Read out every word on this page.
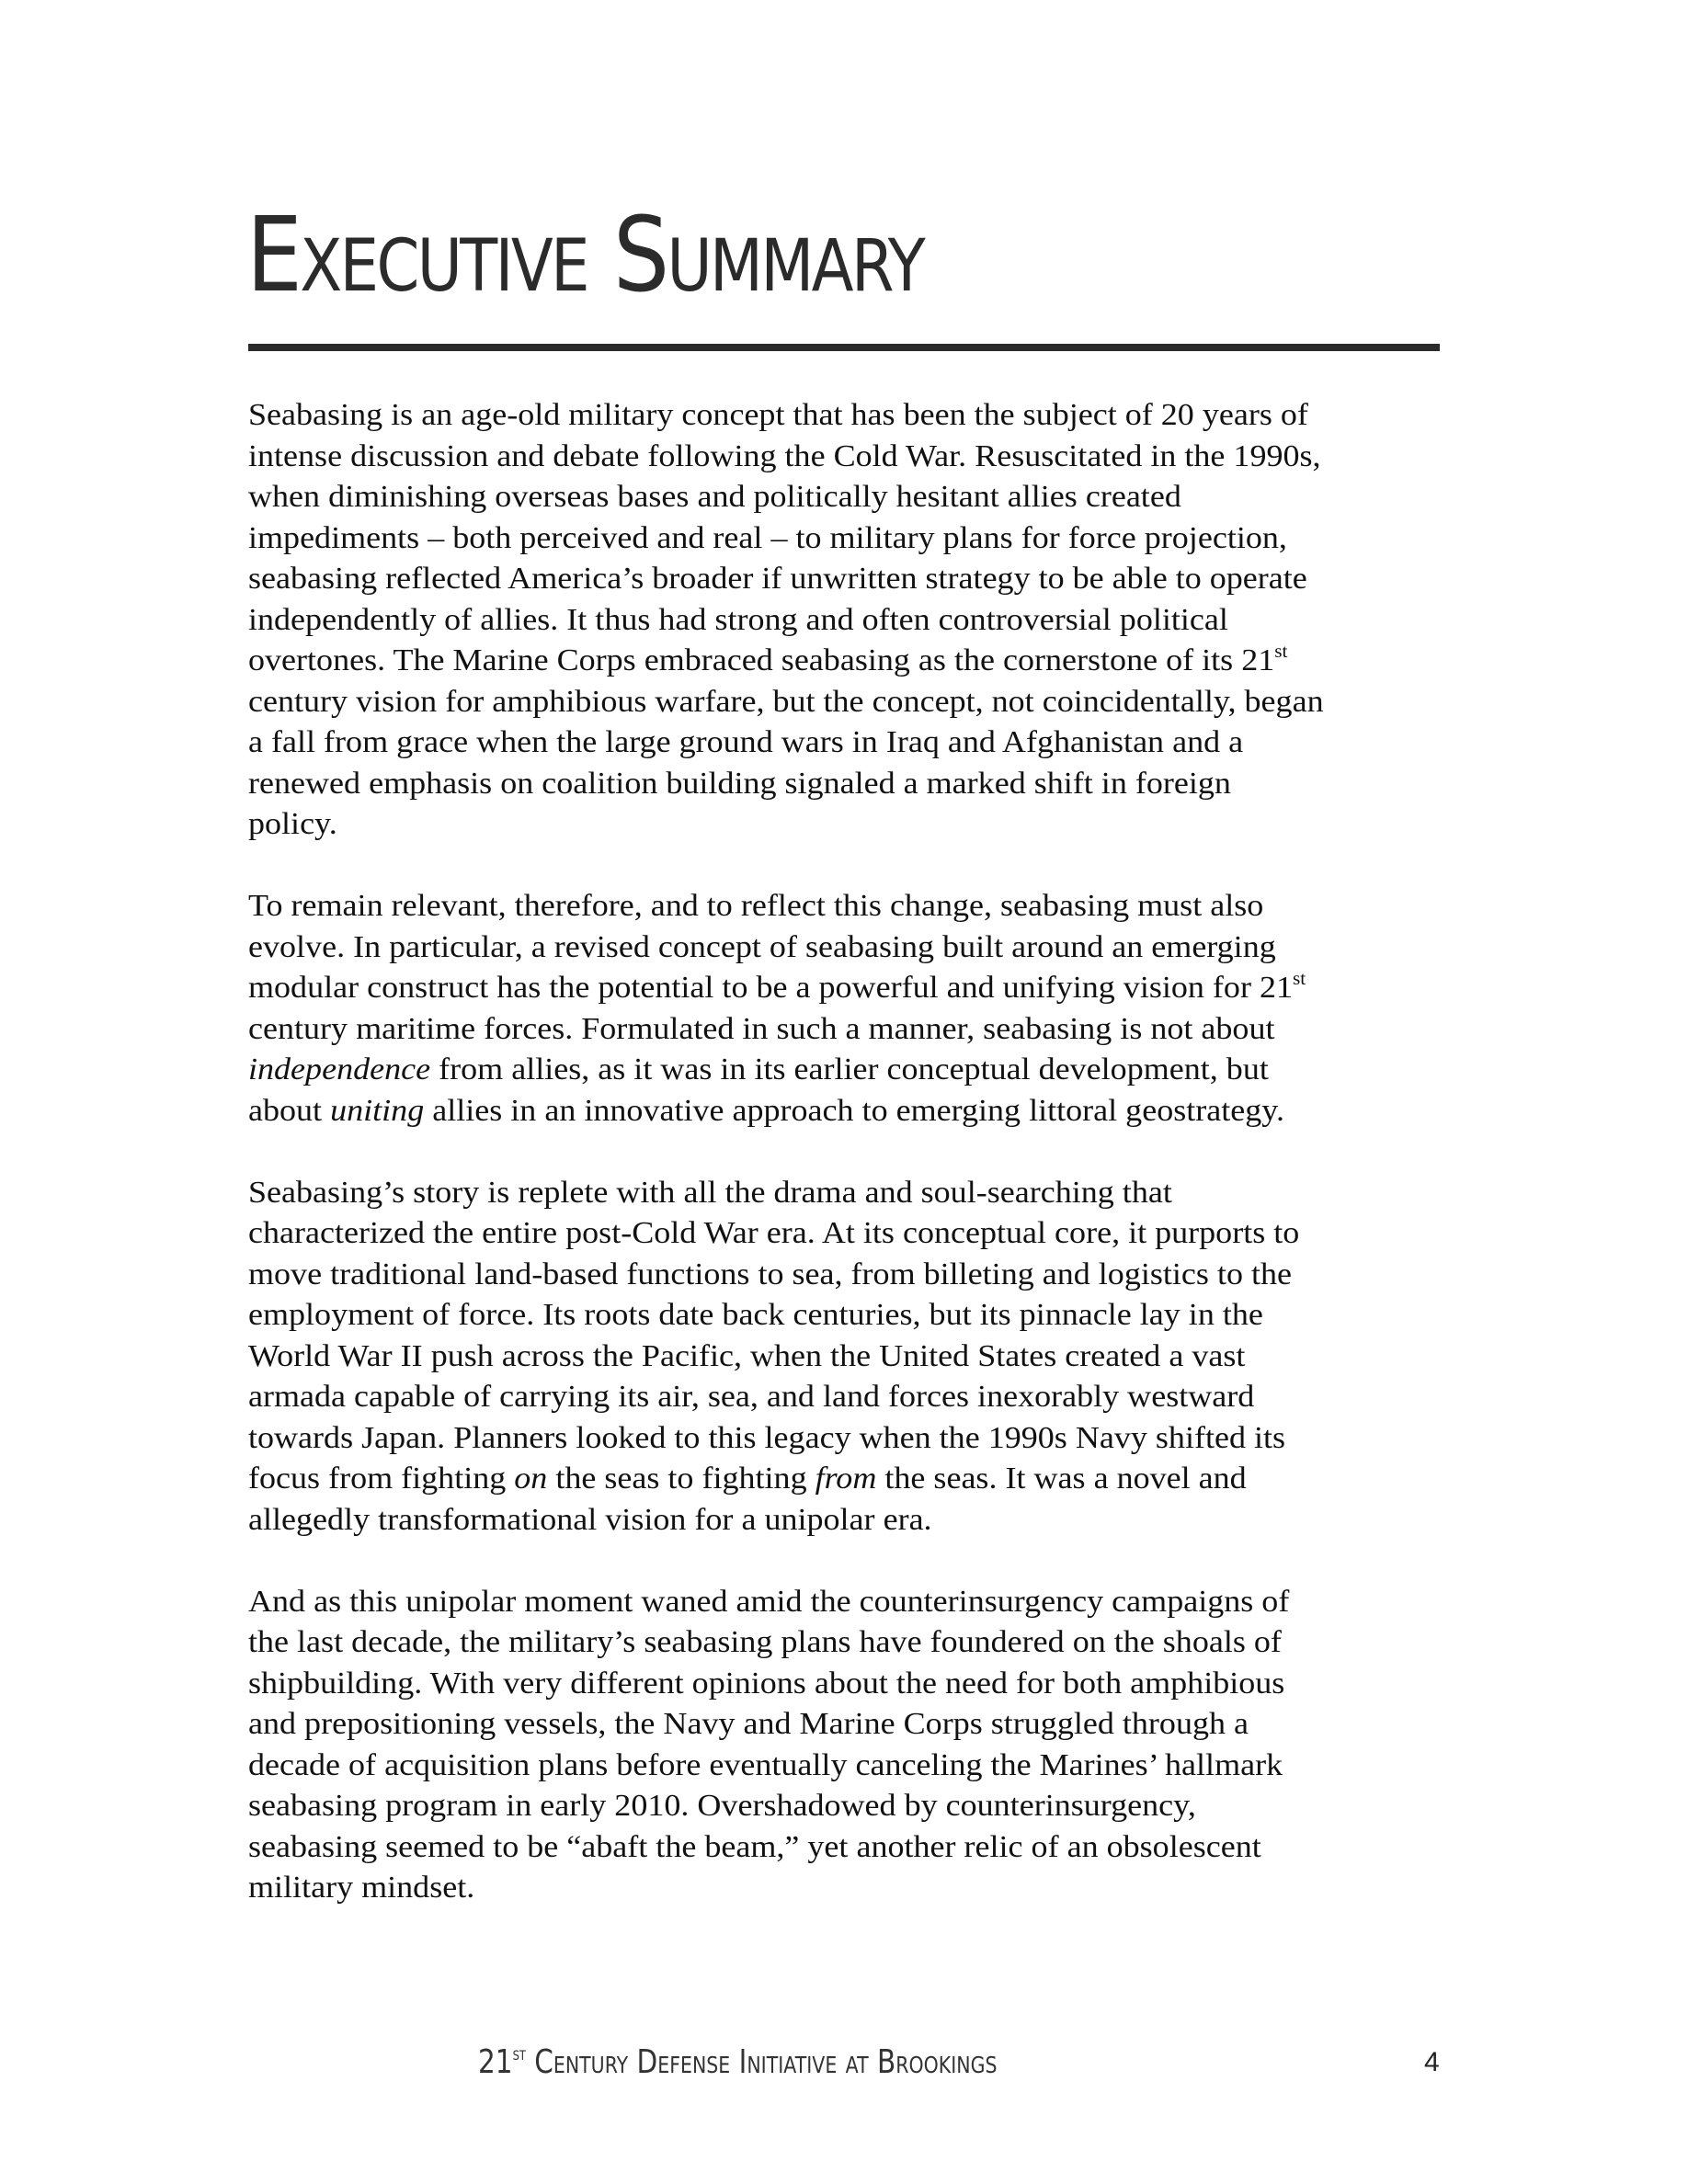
Executive Summary
Seabasing is an age-old military concept that has been the subject of 20 years of
intense discussion and debate following the Cold War. Resuscitated in the 1990s,
when diminishing overseas bases and politically hesitant allies created
impediments – both perceived and real – to military plans for force projection,
seabasing reflected America’s broader if unwritten strategy to be able to operate
independently of allies. It thus had strong and often controversial political
overtones. The Marine Corps embraced seabasing as the cornerstone of its 21st
century vision for amphibious warfare, but the concept, not coincidentally, began
a fall from grace when the large ground wars in Iraq and Afghanistan and a
renewed emphasis on coalition building signaled a marked shift in foreign
policy.
To remain relevant, therefore, and to reflect this change, seabasing must also
evolve. In particular, a revised concept of seabasing built around an emerging
modular construct has the potential to be a powerful and unifying vision for 21st
century maritime forces. Formulated in such a manner, seabasing is not about
independence from allies, as it was in its earlier conceptual development, but
about uniting allies in an innovative approach to emerging littoral geostrategy.
Seabasing’s story is replete with all the drama and soul-searching that
characterized the entire post-Cold War era. At its conceptual core, it purports to
move traditional land-based functions to sea, from billeting and logistics to the
employment of force. Its roots date back centuries, but its pinnacle lay in the
World War II push across the Pacific, when the United States created a vast
armada capable of carrying its air, sea, and land forces inexorably westward
towards Japan. Planners looked to this legacy when the 1990s Navy shifted its
focus from fighting on the seas to fighting from the seas. It was a novel and
allegedly transformational vision for a unipolar era.
And as this unipolar moment waned amid the counterinsurgency campaigns of
the last decade, the military’s seabasing plans have foundered on the shoals of
shipbuilding. With very different opinions about the need for both amphibious
and prepositioning vessels, the Navy and Marine Corps struggled through a
decade of acquisition plans before eventually canceling the Marines’ hallmark
seabasing program in early 2010. Overshadowed by counterinsurgency,
seabasing seemed to be “abaft the beam,” yet another relic of an obsolescent
military mindset.
21st Century Defense Initiative at Brookings	4
